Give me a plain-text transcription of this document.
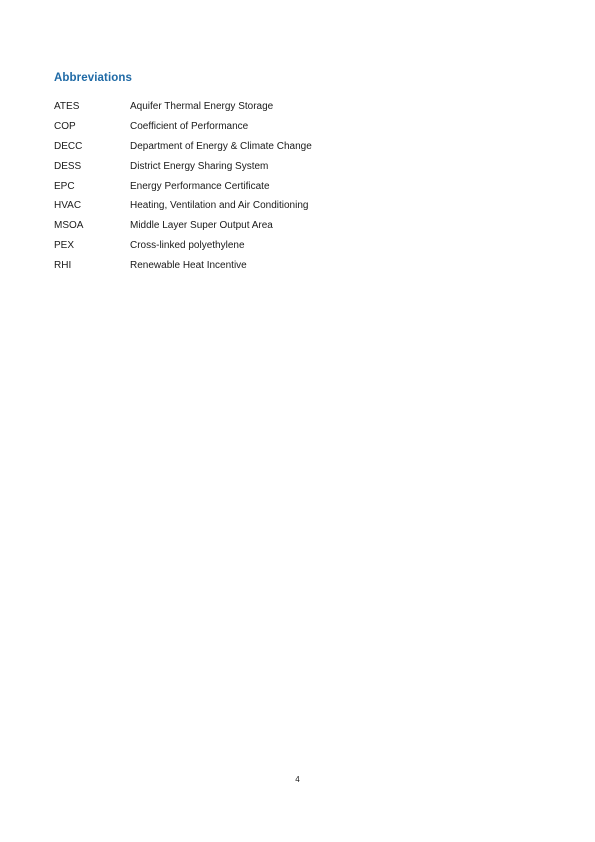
Abbreviations
ATES	Aquifer Thermal Energy Storage
COP	Coefficient of Performance
DECC	Department of Energy & Climate Change
DESS	District Energy Sharing System
EPC	Energy Performance Certificate
HVAC	Heating, Ventilation and Air Conditioning
MSOA	Middle Layer Super Output Area
PEX	Cross-linked polyethylene
RHI	Renewable Heat Incentive
4
